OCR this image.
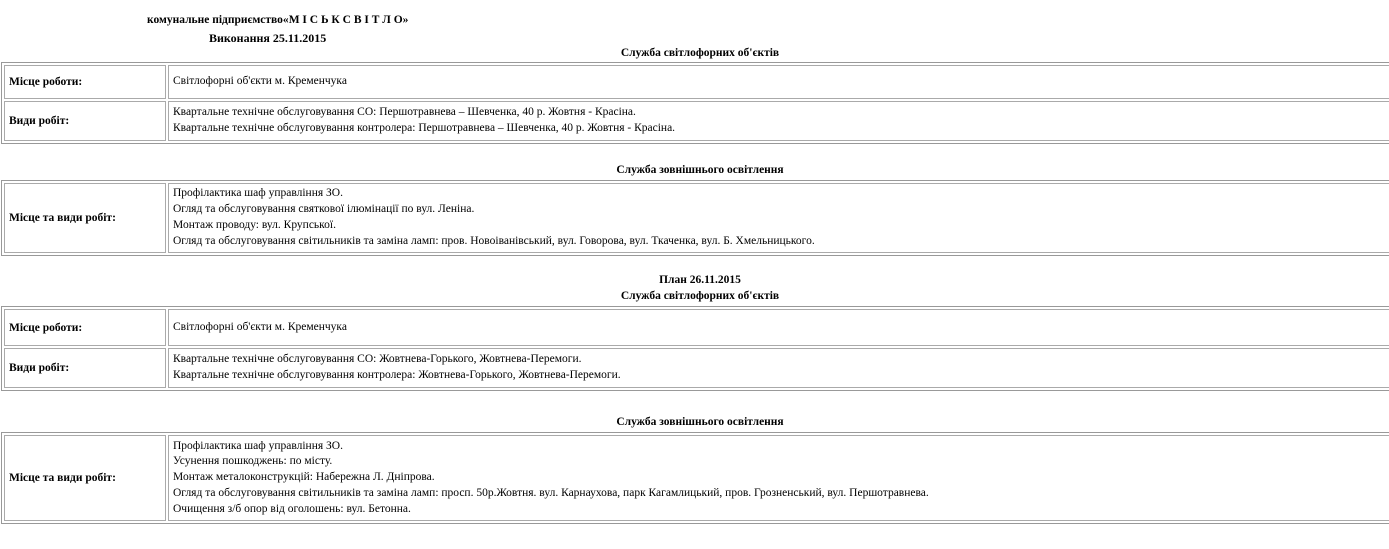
комунальне підприємство«М І С Ь К С В І Т Л О»
Виконання 25.11.2015
Служба світлофорних об'єктів
Місце роботи:	Світлофорні об'єкти м. Кременчука
Види робіт:	Квартальне технічне обслуговування СО: Першотравнева – Шевченка, 40 р. Жовтня - Красіна.
Квартальне технічне обслуговування контролера: Першотравнева – Шевченка, 40 р. Жовтня - Красіна.
Служба зовнішнього освітлення
Місце та види робіт:	
Профілактика шаф управління ЗО.
Огляд та обслуговування святкової ілюмінації по вул. Леніна.
Монтаж проводу: вул. Крупської.
Огляд та обслуговування світильників та заміна ламп: пров. Новоіванівський, вул. Говорова, вул. Ткаченка, вул. Б. Хмельницького.
План 26.11.2015
Служба світлофорних об'єктів
Місце роботи:	Світлофорні об'єкти м. Кременчука
Види робіт:	Квартальне технічне обслуговування СО: Жовтнева-Горького, Жовтнева-Перемоги.
Квартальне технічне обслуговування контролера: Жовтнева-Горького, Жовтнева-Перемоги.
Служба зовнішнього освітлення
Місце та види робіт:	
Профілактика шаф управління ЗО.
Усунення пошкоджень: по місту.
Монтаж металоконструкцій: Набережна Л. Дніпрова.
Огляд та обслуговування світильників та заміна ламп: просп. 50р.Жовтня. вул. Карнаухова, парк Кагамлицький, пров. Грозненський, вул. Першотравнева.
Очищення з/б опор від оголошень: вул. Бетонна.
